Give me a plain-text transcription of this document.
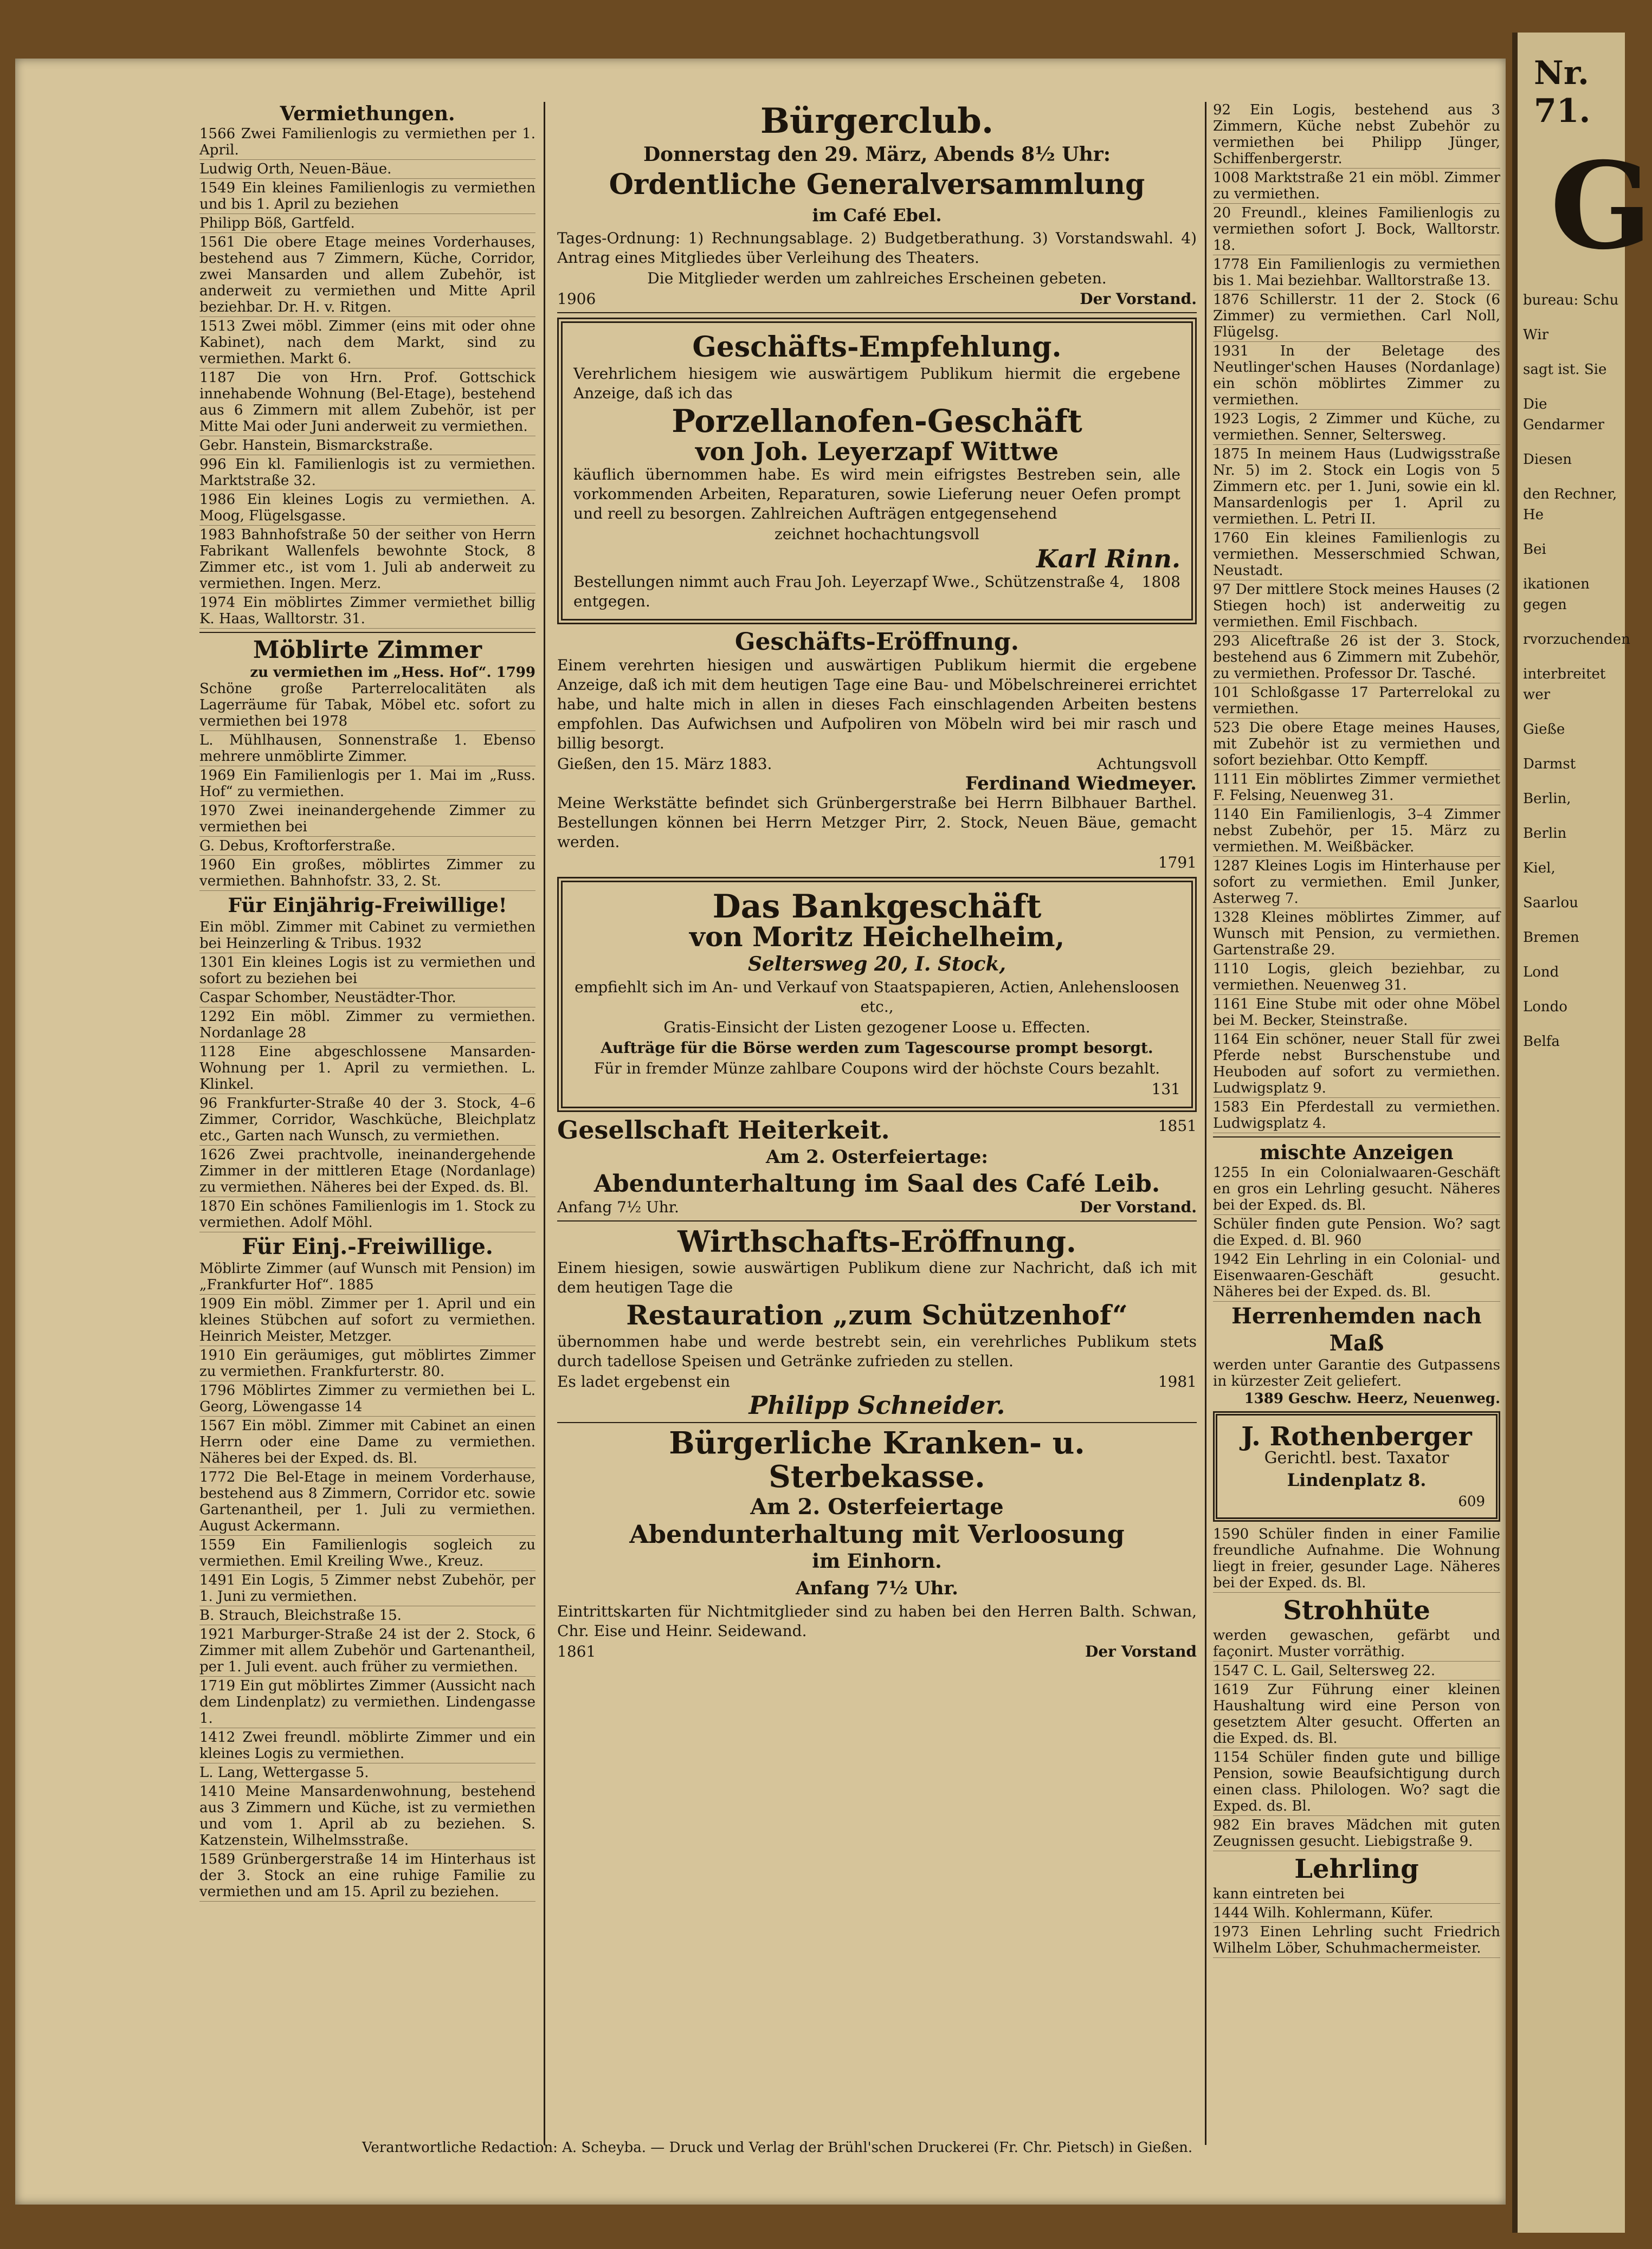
Vermiethungen.

1566 Zwei Familienlogis zu vermiethen per 1. April.

Ludwig Orth, Neuen-Bäue.

1549 Ein kleines Familienlogis zu vermiethen und bis 1. April zu beziehen

Philipp Böß, Gartfeld.

1561 Die obere Etage meines Vorderhauses, bestehend aus 7 Zimmern, Küche, Corridor, zwei Mansarden und allem Zubehör, ist anderweit zu vermiethen und Mitte April beziehbar. Dr. H. v. Ritgen.

1513 Zwei möbl. Zimmer (eins mit oder ohne Kabinet), nach dem Markt, sind zu vermiethen. Markt 6.

1187 Die von Hrn. Prof. Gottschick innehabende Wohnung (Bel-Etage), bestehend aus 6 Zimmern mit allem Zubehör, ist per Mitte Mai oder Juni anderweit zu vermiethen.

Gebr. Hanstein, Bismarckstraße.

996 Ein kl. Familienlogis ist zu vermiethen. Marktstraße 32.

1986 Ein kleines Logis zu vermiethen. A. Moog, Flügelsgasse.

1983 Bahnhofstraße 50 der seither von Herrn Fabrikant Wallenfels bewohnte Stock, 8 Zimmer etc., ist vom 1. Juli ab anderweit zu vermiethen. Ingen. Merz.

1974 Ein möblirtes Zimmer vermiethet billig K. Haas, Walltorstr. 31.

Möblirte Zimmer
zu vermiethen im „Hess. Hof“. 1799

Schöne große Parterrelocalitäten als Lagerräume für Tabak, Möbel etc. sofort zu vermiethen bei 1978

L. Mühlhausen, Sonnenstraße 1. Ebenso mehrere unmöblirte Zimmer.

1969 Ein Familienlogis per 1. Mai im „Russ. Hof“ zu vermiethen.

1970 Zwei ineinandergehende Zimmer zu vermiethen bei

G. Debus, Kroftorferstraße.

1960 Ein großes, möblirtes Zimmer zu vermiethen. Bahnhofstr. 33, 2. St.

Für Einjährig-Freiwillige!

Ein möbl. Zimmer mit Cabinet zu vermiethen bei Heinzerling & Tribus. 1932

1301 Ein kleines Logis ist zu vermiethen und sofort zu beziehen bei

Caspar Schomber, Neustädter-Thor.

1292 Ein möbl. Zimmer zu vermiethen. Nordanlage 28

1128 Eine abgeschlossene Mansarden-Wohnung per 1. April zu vermiethen. L. Klinkel.

96 Frankfurter-Straße 40 der 3. Stock, 4–6 Zimmer, Corridor, Waschküche, Bleichplatz etc., Garten nach Wunsch, zu vermiethen.

1626 Zwei prachtvolle, ineinandergehende Zimmer in der mittleren Etage (Nordanlage) zu vermiethen. Näheres bei der Exped. ds. Bl.

1870 Ein schönes Familienlogis im 1. Stock zu vermiethen. Adolf Möhl.

Für Einj.-Freiwillige.

Möblirte Zimmer (auf Wunsch mit Pension) im „Frankfurter Hof“. 1885

1909 Ein möbl. Zimmer per 1. April und ein kleines Stübchen auf sofort zu vermiethen. Heinrich Meister, Metzger.

1910 Ein geräumiges, gut möblirtes Zimmer zu vermiethen. Frankfurterstr. 80.

1796 Möblirtes Zimmer zu vermiethen bei L. Georg, Löwengasse 14

1567 Ein möbl. Zimmer mit Cabinet an einen Herrn oder eine Dame zu vermiethen. Näheres bei der Exped. ds. Bl.

1772 Die Bel-Etage in meinem Vorderhause, bestehend aus 8 Zimmern, Corridor etc. sowie Gartenantheil, per 1. Juli zu vermiethen. August Ackermann.

1559 Ein Familienlogis sogleich zu vermiethen. Emil Kreiling Wwe., Kreuz.

1491 Ein Logis, 5 Zimmer nebst Zubehör, per 1. Juni zu vermiethen.

B. Strauch, Bleichstraße 15.

1921 Marburger-Straße 24 ist der 2. Stock, 6 Zimmer mit allem Zubehör und Gartenantheil, per 1. Juli event. auch früher zu vermiethen.

1719 Ein gut möblirtes Zimmer (Aussicht nach dem Lindenplatz) zu vermiethen. Lindengasse 1.

1412 Zwei freundl. möblirte Zimmer und ein kleines Logis zu vermiethen.

L. Lang, Wettergasse 5.

1410 Meine Mansardenwohnung, bestehend aus 3 Zimmern und Küche, ist zu vermiethen und vom 1. April ab zu beziehen. S. Katzenstein, Wilhelmsstraße.

1589 Grünbergerstraße 14 im Hinterhaus ist der 3. Stock an eine ruhige Familie zu vermiethen und am 15. April zu beziehen.

Bürgerclub.
Donnerstag den 29. März, Abends 8½ Uhr:
Ordentliche Generalversammlung
im Café Ebel.

Tages-Ordnung: 1) Rechnungsablage. 2) Budgetberathung. 3) Vorstandswahl. 4) Antrag eines Mitgliedes über Verleihung des Theaters.

Die Mitglieder werden um zahlreiches Erscheinen gebeten.

1906	Der Vorstand.
Geschäfts-Empfehlung.

Verehrlichem hiesigem wie auswärtigem Publikum hiermit die ergebene Anzeige, daß ich das

Porzellanofen-Geschäft
von Joh. Leyerzapf Wittwe

käuflich übernommen habe. Es wird mein eifrigstes Bestreben sein, alle vorkommenden Arbeiten, Reparaturen, sowie Lieferung neuer Oefen prompt und reell zu besorgen. Zahlreichen Aufträgen entgegensehend

zeichnet hochachtungsvoll

Karl Rinn.
Bestellungen nimmt auch Frau Joh. Leyerzapf Wwe., Schützenstraße 4, entgegen.
1808
Geschäfts-Eröffnung.

Einem verehrten hiesigen und auswärtigen Publikum hiermit die ergebene Anzeige, daß ich mit dem heutigen Tage eine Bau- und Möbelschreinerei errichtet habe, und halte mich in allen in dieses Fach einschlagenden Arbeiten bestens empfohlen. Das Aufwichsen und Aufpoliren von Möbeln wird bei mir rasch und billig besorgt.

Gießen, den 15. März 1883.	Achtungsvoll
Ferdinand Wiedmeyer.

Meine Werkstätte befindet sich Grünbergerstraße bei Herrn Bilbhauer Barthel. Bestellungen können bei Herrn Metzger Pirr, 2. Stock, Neuen Bäue, gemacht werden.

1791
Das Bankgeschäft
von Moritz Heichelheim,
Seltersweg 20, I. Stock,

empfiehlt sich im An- und Verkauf von Staatspapieren, Actien, Anlehensloosen etc.,

Gratis-Einsicht der Listen gezogener Loose u. Effecten.

Aufträge für die Börse werden zum Tagescourse prompt besorgt.

Für in fremder Münze zahlbare Coupons wird der höchste Cours bezahlt.

131
Gesellschaft Heiterkeit.	1851
Am 2. Osterfeiertage:
Abendunterhaltung im Saal des Café Leib.
Anfang 7½ Uhr.	Der Vorstand.
Wirthschafts-Eröffnung.

Einem hiesigen, sowie auswärtigen Publikum diene zur Nachricht, daß ich mit dem heutigen Tage die

Restauration „zum Schützenhof“

übernommen habe und werde bestrebt sein, ein verehrliches Publikum stets durch tadellose Speisen und Getränke zufrieden zu stellen.

Es ladet ergebenst ein	1981
Philipp Schneider.
Bürgerliche Kranken- u. Sterbekasse.
Am 2. Osterfeiertage
Abendunterhaltung mit Verloosung
im Einhorn.
Anfang 7½ Uhr.

Eintrittskarten für Nichtmitglieder sind zu haben bei den Herren Balth. Schwan, Chr. Eise und Heinr. Seidewand.

1861	Der Vorstand

92 Ein Logis, bestehend aus 3 Zimmern, Küche nebst Zubehör zu vermiethen bei Philipp Jünger, Schiffenbergerstr.

1008 Marktstraße 21 ein möbl. Zimmer zu vermiethen.

20 Freundl., kleines Familienlogis zu vermiethen sofort J. Bock, Walltorstr. 18.

1778 Ein Familienlogis zu vermiethen bis 1. Mai beziehbar. Walltorstraße 13.

1876 Schillerstr. 11 der 2. Stock (6 Zimmer) zu vermiethen. Carl Noll, Flügelsg.

1931 In der Beletage des Neutlinger'schen Hauses (Nordanlage) ein schön möblirtes Zimmer zu vermiethen.

1923 Logis, 2 Zimmer und Küche, zu vermiethen. Senner, Seltersweg.

1875 In meinem Haus (Ludwigsstraße Nr. 5) im 2. Stock ein Logis von 5 Zimmern etc. per 1. Juni, sowie ein kl. Mansardenlogis per 1. April zu vermiethen. L. Petri II.

1760 Ein kleines Familienlogis zu vermiethen. Messerschmied Schwan, Neustadt.

97 Der mittlere Stock meines Hauses (2 Stiegen hoch) ist anderweitig zu vermiethen. Emil Fischbach.

293 Aliceftraße 26 ist der 3. Stock, bestehend aus 6 Zimmern mit Zubehör, zu vermiethen. Professor Dr. Tasché.

101 Schloßgasse 17 Parterrelokal zu vermiethen.

523 Die obere Etage meines Hauses, mit Zubehör ist zu vermiethen und sofort beziehbar. Otto Kempff.

1111 Ein möblirtes Zimmer vermiethet F. Felsing, Neuenweg 31.

1140 Ein Familienlogis, 3–4 Zimmer nebst Zubehör, per 15. März zu vermiethen. M. Weißbäcker.

1287 Kleines Logis im Hinterhause per sofort zu vermiethen. Emil Junker, Asterweg 7.

1328 Kleines möblirtes Zimmer, auf Wunsch mit Pension, zu vermiethen. Gartenstraße 29.

1110 Logis, gleich beziehbar, zu vermiethen. Neuenweg 31.

1161 Eine Stube mit oder ohne Möbel bei M. Becker, Steinstraße.

1164 Ein schöner, neuer Stall für zwei Pferde nebst Burschenstube und Heuboden auf sofort zu vermiethen. Ludwigsplatz 9.

1583 Ein Pferdestall zu vermiethen. Ludwigsplatz 4.

mischte Anzeigen

1255 In ein Colonialwaaren-Geschäft en gros ein Lehrling gesucht. Näheres bei der Exped. ds. Bl.

Schüler finden gute Pension. Wo? sagt die Exped. d. Bl. 960

1942 Ein Lehrling in ein Colonial- und Eisenwaaren-Geschäft gesucht. Näheres bei der Exped. ds. Bl.

Herrenhemden nach Maß

werden unter Garantie des Gutpassens in kürzester Zeit geliefert.

1389 Geschw. Heerz, Neuenweg.
J. Rothenberger
Gerichtl. best. Taxator
Lindenplatz 8.
609

1590 Schüler finden in einer Familie freundliche Aufnahme. Die Wohnung liegt in freier, gesunder Lage. Näheres bei der Exped. ds. Bl.

Strohhüte

werden gewaschen, gefärbt und façonirt. Muster vorräthig.

1547 C. L. Gail, Seltersweg 22.

1619 Zur Führung einer kleinen Haushaltung wird eine Person von gesetztem Alter gesucht. Offerten an die Exped. ds. Bl.

1154 Schüler finden gute und billige Pension, sowie Beaufsichtigung durch einen class. Philologen. Wo? sagt die Exped. ds. Bl.

982 Ein braves Mädchen mit guten Zeugnissen gesucht. Liebigstraße 9.

Lehrling

kann eintreten bei

1444 Wilh. Kohlermann, Küfer.

1973 Einen Lehrling sucht Friedrich Wilhelm Löber, Schuhmachermeister.

Verantwortliche Redaction: A. Scheyba. — Druck und Verlag der Brühl'schen Druckerei (Fr. Chr. Pietsch) in Gießen.
Nr. 71.
G

bureau: Schu

Wir

sagt ist. Sie

Die Gendarmer

Diesen

den Rechner, He

Bei

ikationen gegen

rvorzuchenden

interbreitet wer

Gieße

Darmst

Berlin,

Berlin

Kiel,

Saarlou

Bremen

Lond

Londo

Belfa
